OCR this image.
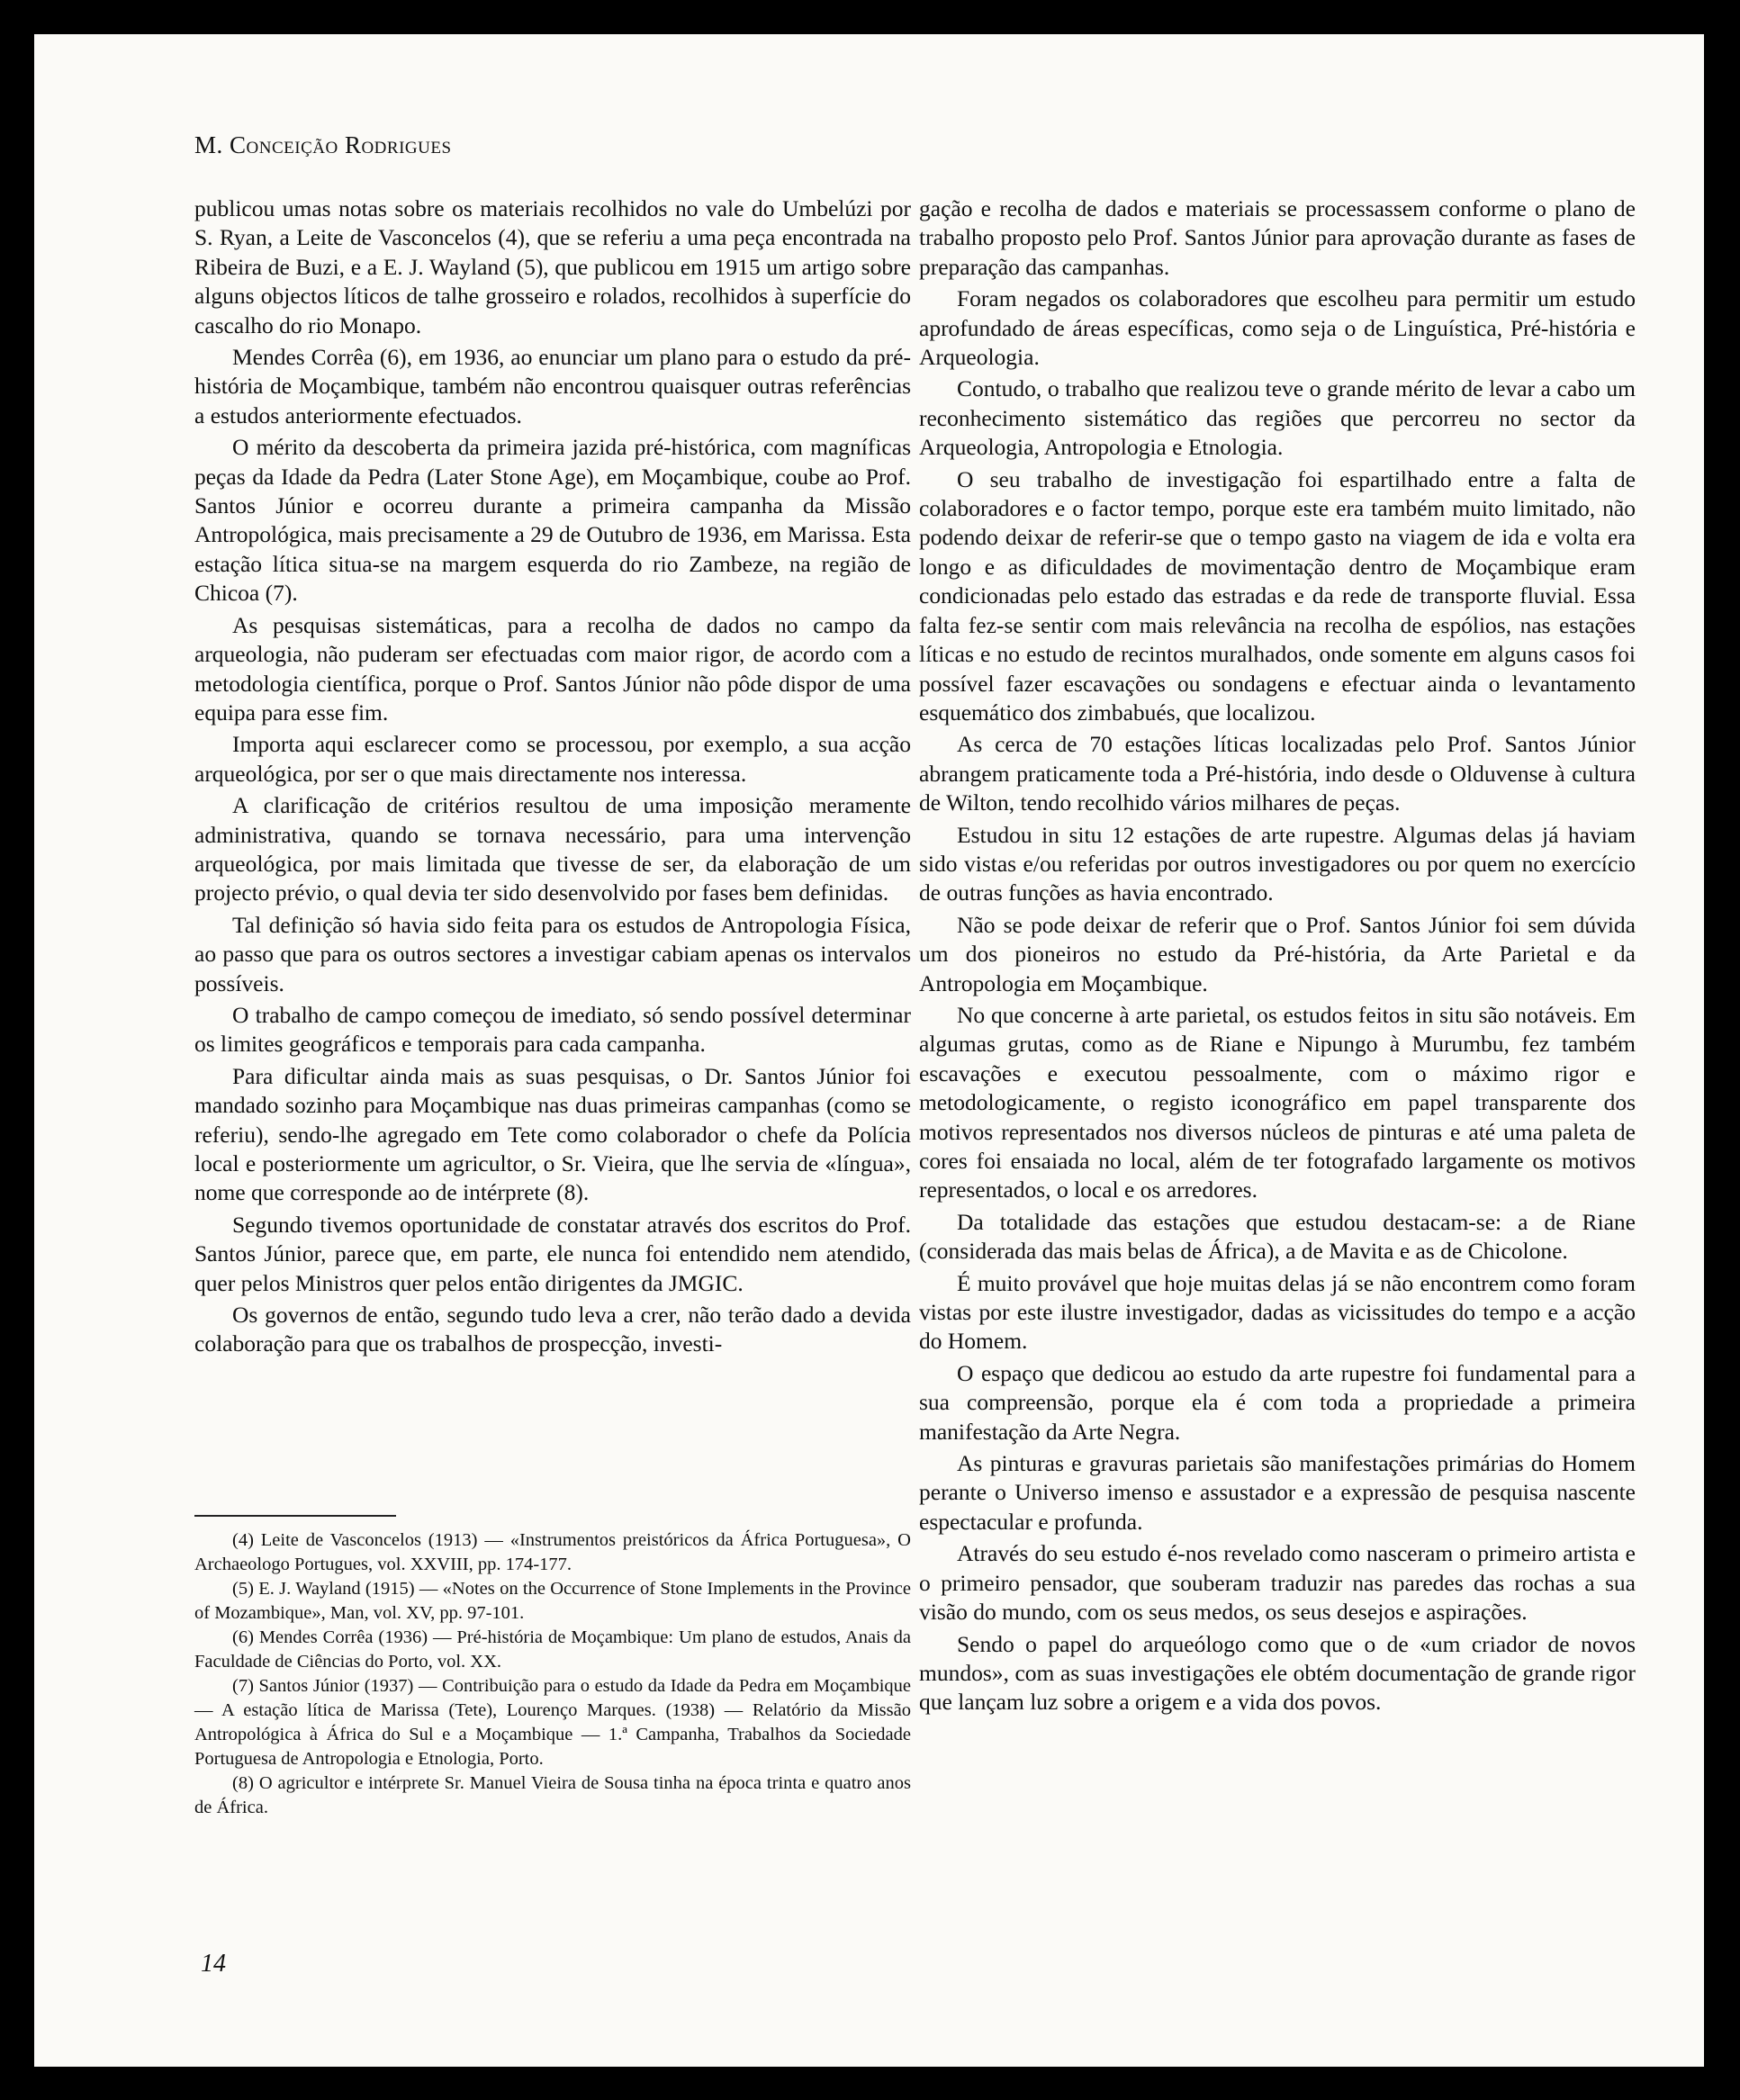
M. Conceição Rodrigues

publicou umas notas sobre os materiais recolhidos no vale do Umbelúzi por S. Ryan, a Leite de Vasconcelos (4), que se referiu a uma peça encontrada na Ribeira de Buzi, e a E. J. Wayland (5), que publicou em 1915 um artigo sobre alguns objectos líticos de talhe grosseiro e rolados, recolhidos à superfície do cascalho do rio Monapo.

Mendes Corrêa (6), em 1936, ao enunciar um plano para o estudo da pré-história de Moçambique, também não encontrou quaisquer outras referências a estudos anteriormente efectuados.

O mérito da descoberta da primeira jazida pré-histórica, com magníficas peças da Idade da Pedra (Later Stone Age), em Moçambique, coube ao Prof. Santos Júnior e ocorreu durante a primeira campanha da Missão Antropológica, mais precisamente a 29 de Outubro de 1936, em Marissa. Esta estação lítica situa-se na margem esquerda do rio Zambeze, na região de Chicoa (7).

As pesquisas sistemáticas, para a recolha de dados no campo da arqueologia, não puderam ser efectuadas com maior rigor, de acordo com a metodologia científica, porque o Prof. Santos Júnior não pôde dispor de uma equipa para esse fim.

Importa aqui esclarecer como se processou, por exemplo, a sua acção arqueológica, por ser o que mais directamente nos interessa.

A clarificação de critérios resultou de uma imposição meramente administrativa, quando se tornava necessário, para uma intervenção arqueológica, por mais limitada que tivesse de ser, da elaboração de um projecto prévio, o qual devia ter sido desenvolvido por fases bem definidas.

Tal definição só havia sido feita para os estudos de Antropologia Física, ao passo que para os outros sectores a investigar cabiam apenas os intervalos possíveis.

O trabalho de campo começou de imediato, só sendo possível determinar os limites geográficos e temporais para cada campanha.

Para dificultar ainda mais as suas pesquisas, o Dr. Santos Júnior foi mandado sozinho para Moçambique nas duas primeiras campanhas (como se referiu), sendo-lhe agregado em Tete como colaborador o chefe da Polícia local e posteriormente um agricultor, o Sr. Vieira, que lhe servia de «língua», nome que corresponde ao de intérprete (8).

Segundo tivemos oportunidade de constatar através dos escritos do Prof. Santos Júnior, parece que, em parte, ele nunca foi entendido nem atendido, quer pelos Ministros quer pelos então dirigentes da JMGIC.

Os governos de então, segundo tudo leva a crer, não terão dado a devida colaboração para que os trabalhos de prospecção, investi-

gação e recolha de dados e materiais se processassem conforme o plano de trabalho proposto pelo Prof. Santos Júnior para aprovação durante as fases de preparação das campanhas.

Foram negados os colaboradores que escolheu para permitir um estudo aprofundado de áreas específicas, como seja o de Linguística, Pré-história e Arqueologia.

Contudo, o trabalho que realizou teve o grande mérito de levar a cabo um reconhecimento sistemático das regiões que percorreu no sector da Arqueologia, Antropologia e Etnologia.

O seu trabalho de investigação foi espartilhado entre a falta de colaboradores e o factor tempo, porque este era também muito limitado, não podendo deixar de referir-se que o tempo gasto na viagem de ida e volta era longo e as dificuldades de movimentação dentro de Moçambique eram condicionadas pelo estado das estradas e da rede de transporte fluvial. Essa falta fez-se sentir com mais relevância na recolha de espólios, nas estações líticas e no estudo de recintos muralhados, onde somente em alguns casos foi possível fazer escavações ou sondagens e efectuar ainda o levantamento esquemático dos zimbabués, que localizou.

As cerca de 70 estações líticas localizadas pelo Prof. Santos Júnior abrangem praticamente toda a Pré-história, indo desde o Olduvense à cultura de Wilton, tendo recolhido vários milhares de peças.

Estudou in situ 12 estações de arte rupestre. Algumas delas já haviam sido vistas e/ou referidas por outros investigadores ou por quem no exercício de outras funções as havia encontrado.

Não se pode deixar de referir que o Prof. Santos Júnior foi sem dúvida um dos pioneiros no estudo da Pré-história, da Arte Parietal e da Antropologia em Moçambique.

No que concerne à arte parietal, os estudos feitos in situ são notáveis. Em algumas grutas, como as de Riane e Nipungo à Murumbu, fez também escavações e executou pessoalmente, com o máximo rigor e metodologicamente, o registo iconográfico em papel transparente dos motivos representados nos diversos núcleos de pinturas e até uma paleta de cores foi ensaiada no local, além de ter fotografado largamente os motivos representados, o local e os arredores.

Da totalidade das estações que estudou destacam-se: a de Riane (considerada das mais belas de África), a de Mavita e as de Chicolone.

É muito provável que hoje muitas delas já se não encontrem como foram vistas por este ilustre investigador, dadas as vicissitudes do tempo e a acção do Homem.

O espaço que dedicou ao estudo da arte rupestre foi fundamental para a sua compreensão, porque ela é com toda a propriedade a primeira manifestação da Arte Negra.

As pinturas e gravuras parietais são manifestações primárias do Homem perante o Universo imenso e assustador e a expressão de pesquisa nascente espectacular e profunda.

Através do seu estudo é-nos revelado como nasceram o primeiro artista e o primeiro pensador, que souberam traduzir nas paredes das rochas a sua visão do mundo, com os seus medos, os seus desejos e aspirações.

Sendo o papel do arqueólogo como que o de «um criador de novos mundos», com as suas investigações ele obtém documentação de grande rigor que lançam luz sobre a origem e a vida dos povos.

(4) Leite de Vasconcelos (1913) — «Instrumentos preistóricos da África Portuguesa», O Archaeologo Portugues, vol. XXVIII, pp. 174-177.

(5) E. J. Wayland (1915) — «Notes on the Occurrence of Stone Implements in the Province of Mozambique», Man, vol. XV, pp. 97-101.

(6) Mendes Corrêa (1936) — Pré-história de Moçambique: Um plano de estudos, Anais da Faculdade de Ciências do Porto, vol. XX.

(7) Santos Júnior (1937) — Contribuição para o estudo da Idade da Pedra em Moçambique — A estação lítica de Marissa (Tete), Lourenço Marques. (1938) — Relatório da Missão Antropológica à África do Sul e a Moçambique — 1.ª Campanha, Trabalhos da Sociedade Portuguesa de Antropologia e Etnologia, Porto.

(8) O agricultor e intérprete Sr. Manuel Vieira de Sousa tinha na época trinta e quatro anos de África.

14
